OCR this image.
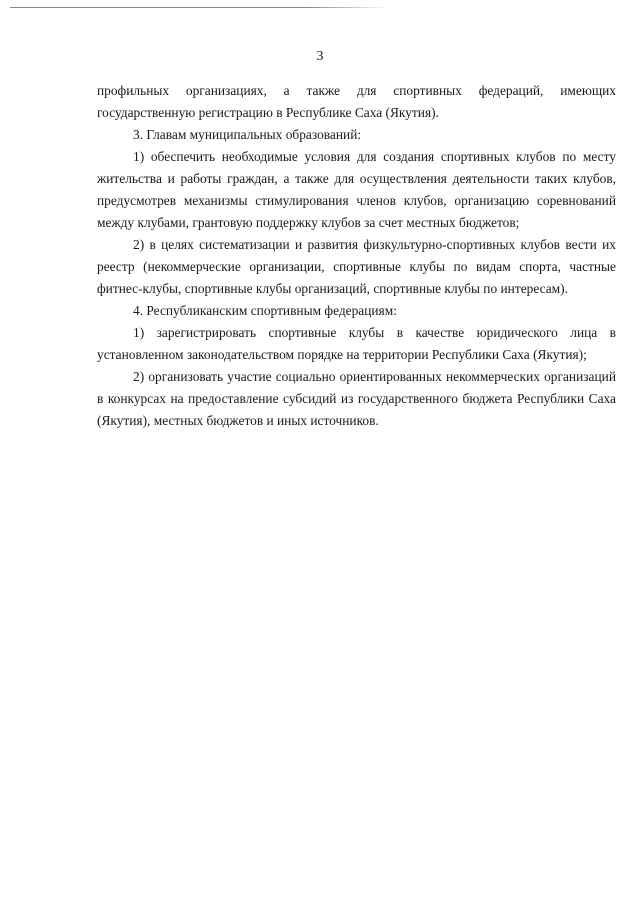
3

профильных организациях, а также для спортивных федераций, имеющих государственную регистрацию в Республике Саха (Якутия).

3. Главам муниципальных образований:

1) обеспечить необходимые условия для создания спортивных клубов по месту жительства и работы граждан, а также для осуществления деятельности таких клубов, предусмотрев механизмы стимулирования членов клубов, организацию соревнований между клубами, грантовую поддержку клубов за счет местных бюджетов;

2) в целях систематизации и развития физкультурно-спортивных клубов вести их реестр (некоммерческие организации, спортивные клубы по видам спорта, частные фитнес-клубы, спортивные клубы организаций, спортивные клубы по интересам).

4. Республиканским спортивным федерациям:

1) зарегистрировать спортивные клубы в качестве юридического лица в установленном законодательством порядке на территории Республики Саха (Якутия);

2) организовать участие социально ориентированных некоммерческих организаций в конкурсах на предоставление субсидий из государственного бюджета Республики Саха (Якутия), местных бюджетов и иных источников.
